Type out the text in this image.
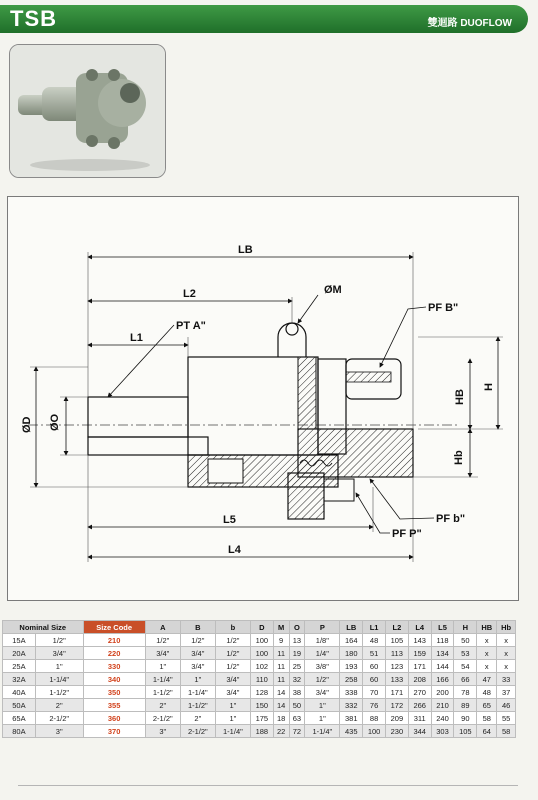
TSB	雙迴路 DUOFLOW
LB
L2	ØM
L1
PT A"
PF B"
H
HB
Hb
ØD ØO
L5
L4
PF b"
PF P"
Nominal Size		Size Code	A	B	b	D	M	O	P	LB	L1	L2	L4	L5	H	HB	Hb
15A	1/2"	210	1/2"	1/2"	1/2"	100	9	13	1/8"	164	48	105	143	118	50	x	x
20A	3/4"	220	3/4"	3/4"	1/2"	100	11	19	1/4"	180	51	113	159	134	53	x	x
25A	1"	330	1"	3/4"	1/2"	102	11	25	3/8"	193	60	123	171	144	54	x	x
32A	1-1/4"	340	1-1/4"	1"	3/4"	110	11	32	1/2"	258	60	133	208	166	66	47	33
40A	1-1/2"	350	1-1/2"	1-1/4"	3/4"	128	14	38	3/4"	338	70	171	270	200	78	48	37
50A	2"	355	2"	1-1/2"	1"	150	14	50	1"	332	76	172	266	210	89	65	46
65A	2-1/2"	360	2-1/2"	2"	1"	175	18	63	1"	381	88	209	311	240	90	58	55
80A	3"	370	3"	2-1/2"	1-1/4"	188	22	72	1-1/4"	435	100	230	344	303	105	64	58
